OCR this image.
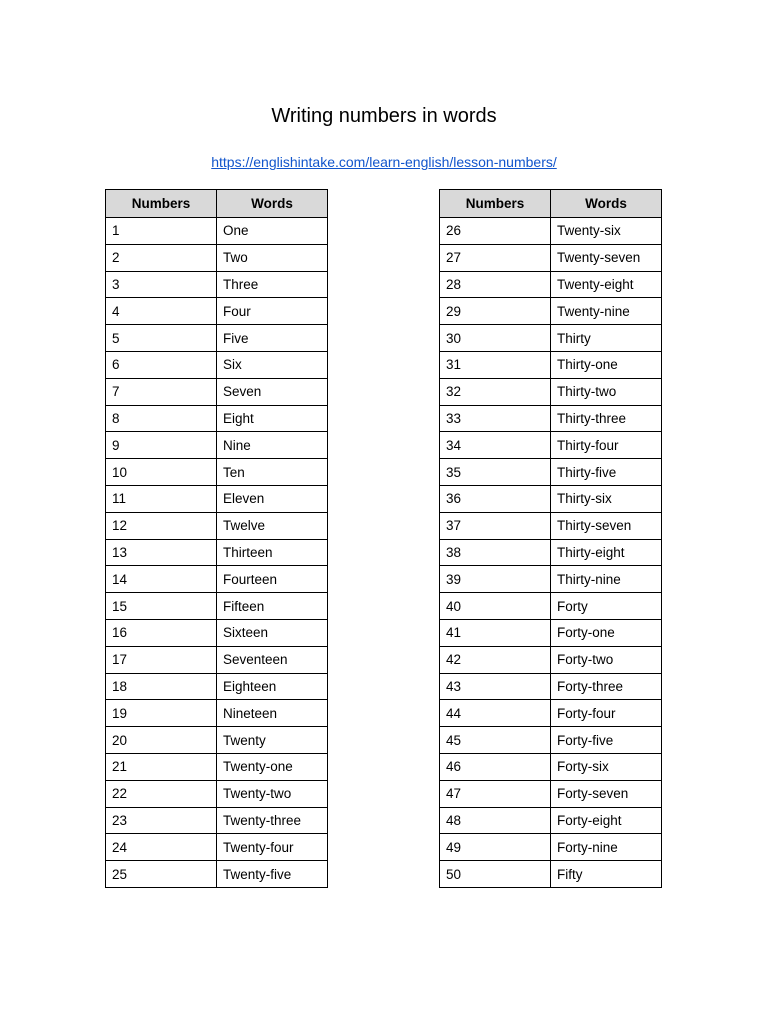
Writing numbers in words
https://englishintake.com/learn-english/lesson-numbers/
Numbers	Words
1	One
2	Two
3	Three
4	Four
5	Five
6	Six
7	Seven
8	Eight
9	Nine
10	Ten
11	Eleven
12	Twelve
13	Thirteen
14	Fourteen
15	Fifteen
16	Sixteen
17	Seventeen
18	Eighteen
19	Nineteen
20	Twenty
21	Twenty-one
22	Twenty-two
23	Twenty-three
24	Twenty-four
25	Twenty-five
Numbers	Words
26	Twenty-six
27	Twenty-seven
28	Twenty-eight
29	Twenty-nine
30	Thirty
31	Thirty-one
32	Thirty-two
33	Thirty-three
34	Thirty-four
35	Thirty-five
36	Thirty-six
37	Thirty-seven
38	Thirty-eight
39	Thirty-nine
40	Forty
41	Forty-one
42	Forty-two
43	Forty-three
44	Forty-four
45	Forty-five
46	Forty-six
47	Forty-seven
48	Forty-eight
49	Forty-nine
50	Fifty
